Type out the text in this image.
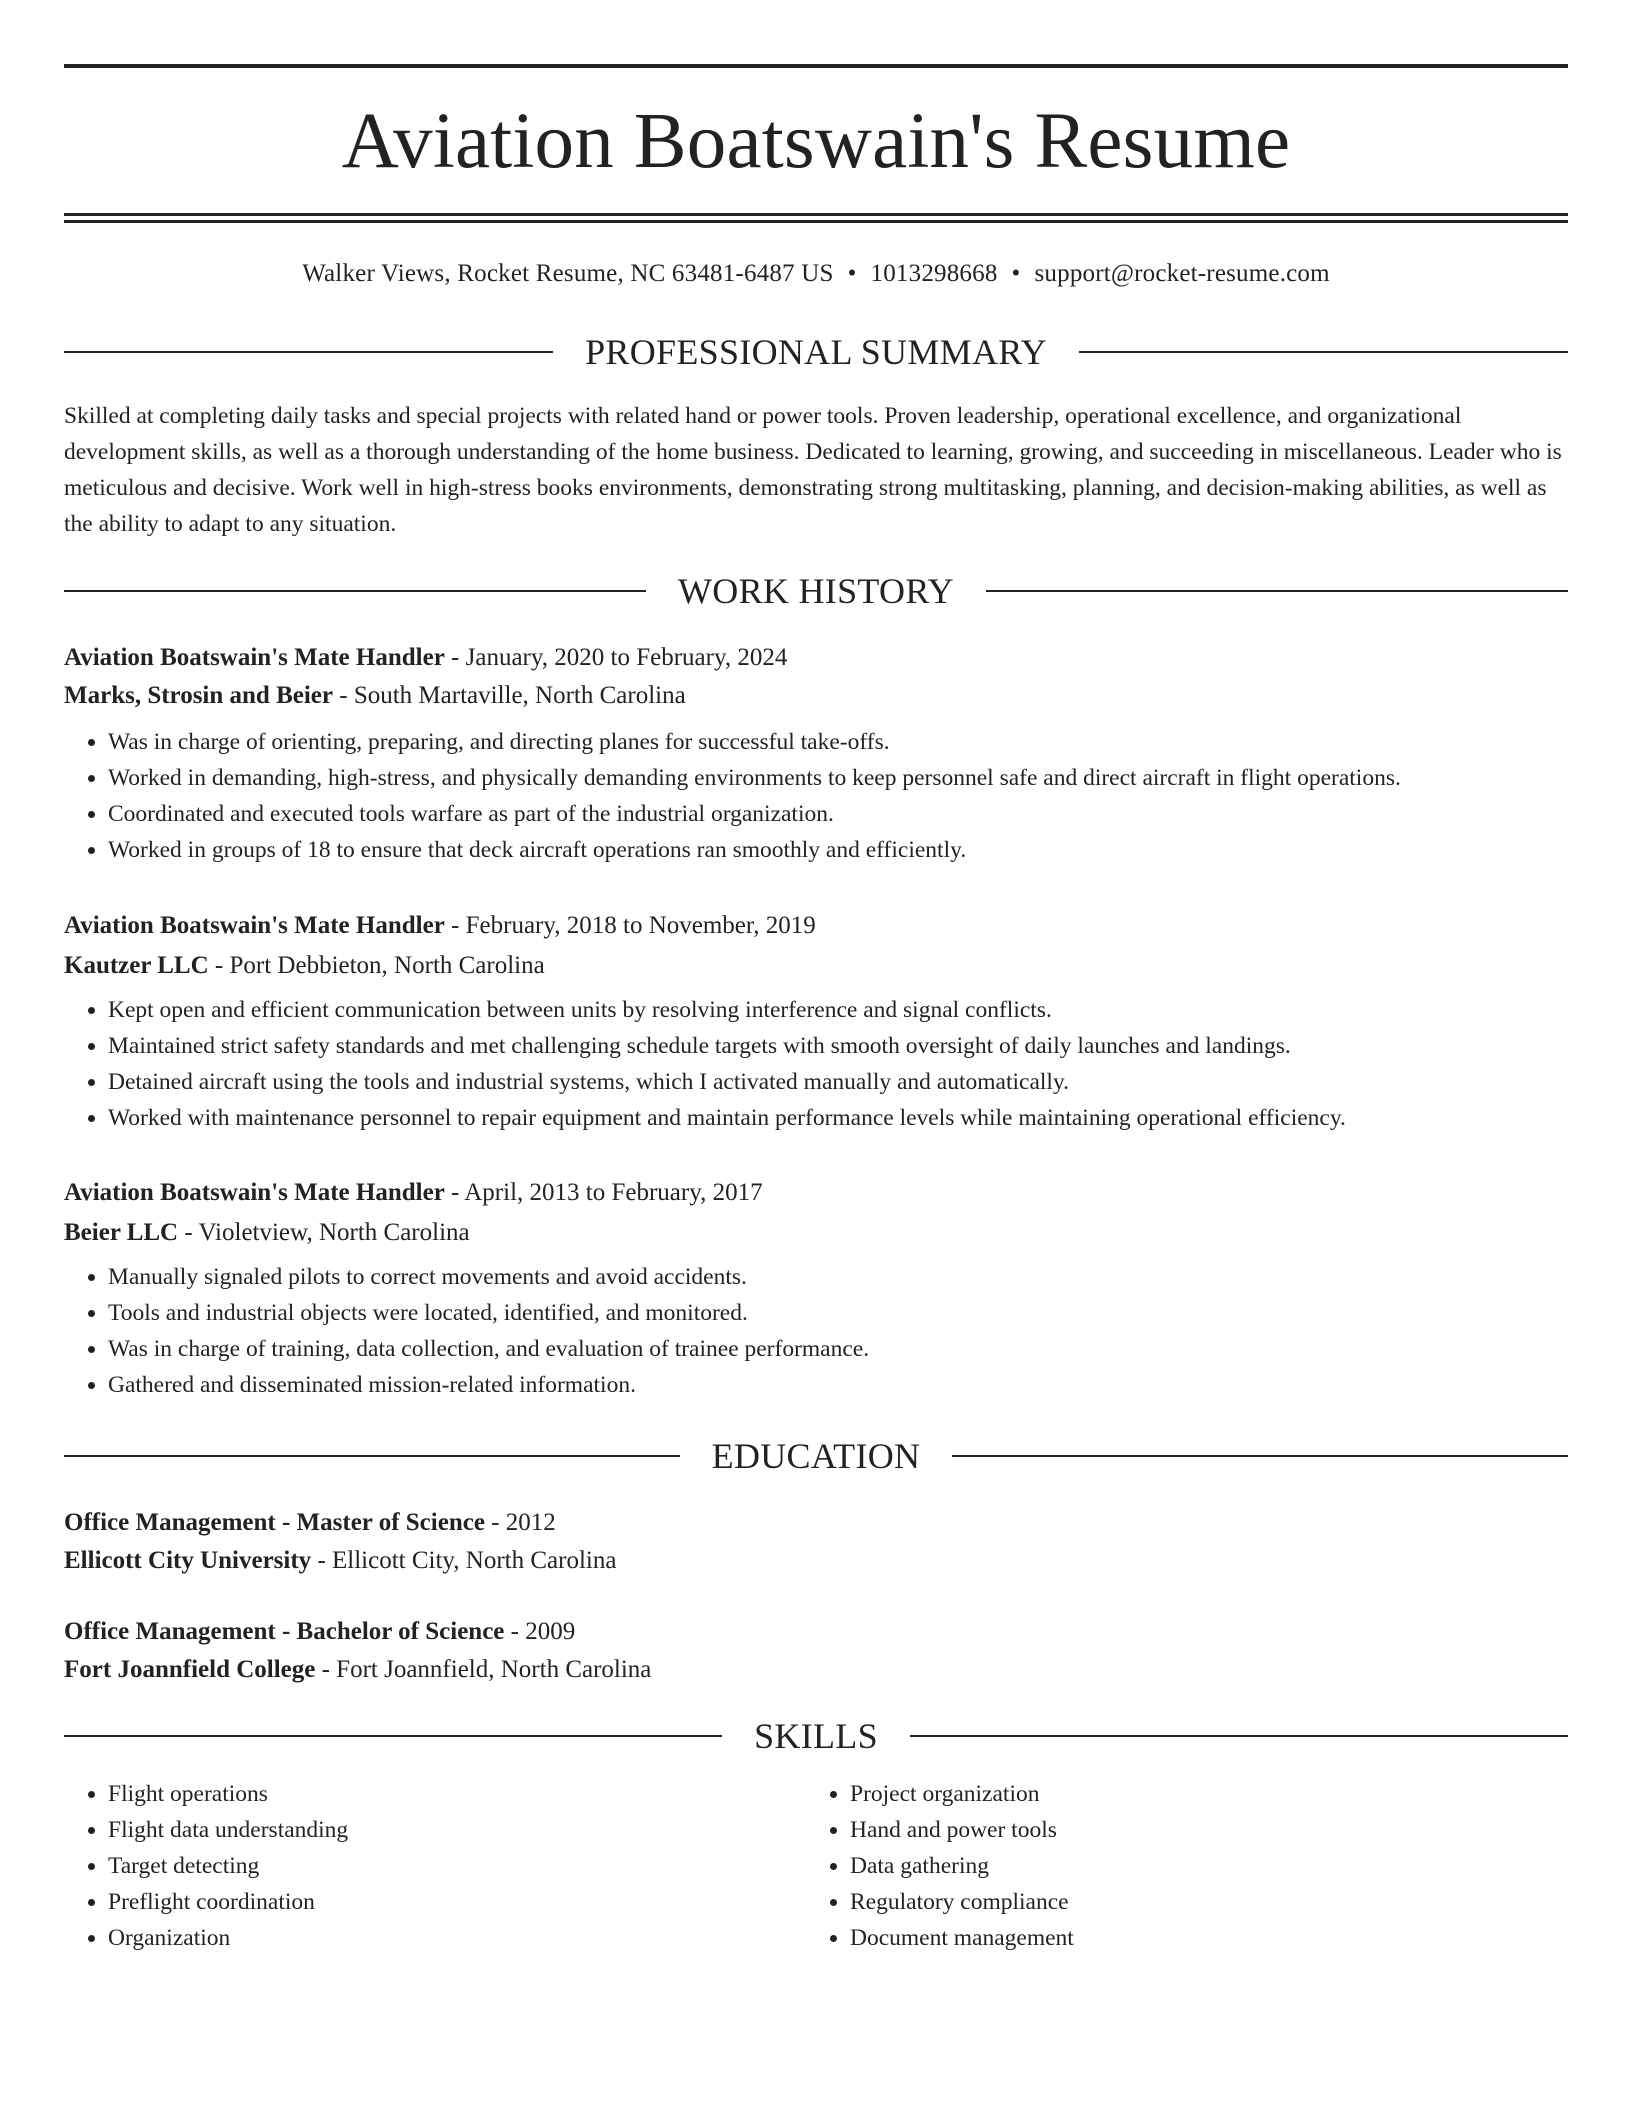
Aviation Boatswain's Resume
Walker Views, Rocket Resume, NC 63481-6487 US • 1013298668 • support@rocket-resume.com
PROFESSIONAL SUMMARY

Skilled at completing daily tasks and special projects with related hand or power tools. Proven leadership, operational excellence, and organizational development skills, as well as a thorough understanding of the home business. Dedicated to learning, growing, and succeeding in miscellaneous. Leader who is meticulous and decisive. Work well in high-stress books environments, demonstrating strong multitasking, planning, and decision-making abilities, as well as the ability to adapt to any situation.

WORK HISTORY

Aviation Boatswain's Mate Handler - January, 2020 to February, 2024

Marks, Strosin and Beier - South Martaville, North Carolina

• Was in charge of orienting, preparing, and directing planes for successful take-offs.
• Worked in demanding, high-stress, and physically demanding environments to keep personnel safe and direct aircraft in flight operations.
• Coordinated and executed tools warfare as part of the industrial organization.
• Worked in groups of 18 to ensure that deck aircraft operations ran smoothly and efficiently.

Aviation Boatswain's Mate Handler - February, 2018 to November, 2019

Kautzer LLC - Port Debbieton, North Carolina

• Kept open and efficient communication between units by resolving interference and signal conflicts.
• Maintained strict safety standards and met challenging schedule targets with smooth oversight of daily launches and landings.
• Detained aircraft using the tools and industrial systems, which I activated manually and automatically.
• Worked with maintenance personnel to repair equipment and maintain performance levels while maintaining operational efficiency.

Aviation Boatswain's Mate Handler - April, 2013 to February, 2017

Beier LLC - Violetview, North Carolina

• Manually signaled pilots to correct movements and avoid accidents.
• Tools and industrial objects were located, identified, and monitored.
• Was in charge of training, data collection, and evaluation of trainee performance.
• Gathered and disseminated mission-related information.
EDUCATION

Office Management - Master of Science - 2012

Ellicott City University - Ellicott City, North Carolina

Office Management - Bachelor of Science - 2009

Fort Joannfield College - Fort Joannfield, North Carolina

SKILLS
• Flight operations
• Flight data understanding
• Target detecting
• Preflight coordination
• Organization
• Project organization
• Hand and power tools
• Data gathering
• Regulatory compliance
• Document management
